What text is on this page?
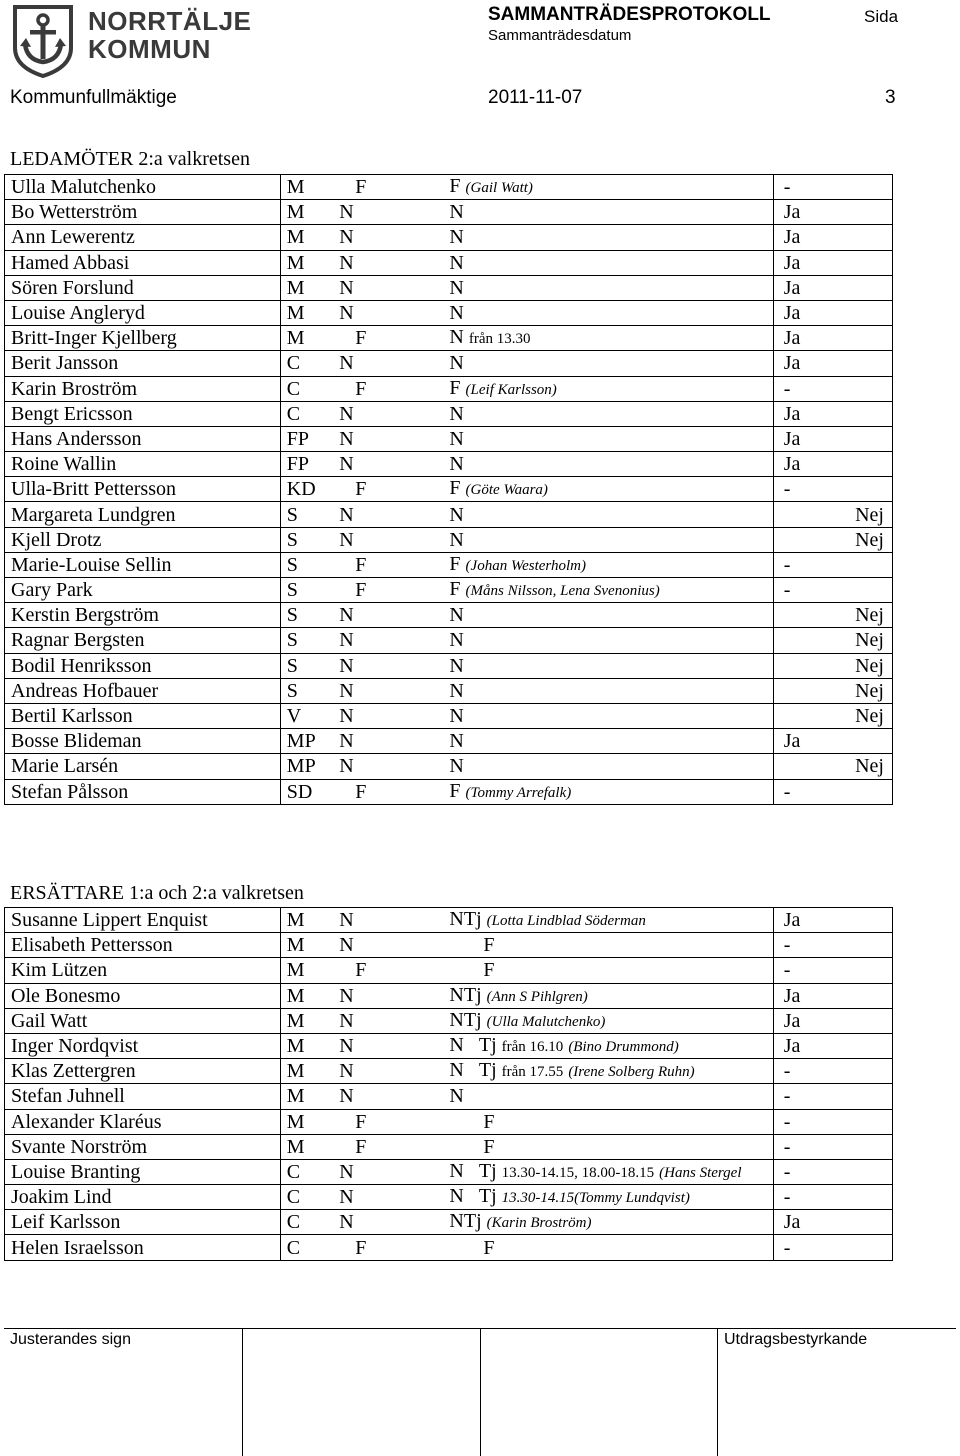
NORRTÄLJE
KOMMUN
SAMMANTRÄDESPROTOKOLL
Sammanträdesdatum
Sida
Kommunfullmäktige	2011-11-07	3
LEDAMÖTER 2:a valkretsen
Ulla Malutchenko	M	F	F (Gail Watt)	-
Bo Wetterström	M	N	N	Ja
Ann Lewerentz	M	N	N	Ja
Hamed Abbasi	M	N	N	Ja
Sören Forslund	M	N	N	Ja
Louise Angleryd	M	N	N	Ja
Britt-Inger Kjellberg	M	F	N från 13.30	Ja
Berit Jansson	C	N	N	Ja
Karin Broström	C	F	F (Leif Karlsson)	-
Bengt Ericsson	C	N	N	Ja
Hans Andersson	FP	N	N	Ja
Roine Wallin	FP	N	N	Ja
Ulla-Britt Pettersson	KD	F	F (Göte Waara)	-
Margareta Lundgren	S	N	N	Nej
Kjell Drotz	S	N	N	Nej
Marie-Louise Sellin	S	F	F (Johan Westerholm)	-
Gary Park	S	F	F (Måns Nilsson, Lena Svenonius)	-
Kerstin Bergström	S	N	N	Nej
Ragnar Bergsten	S	N	N	Nej
Bodil Henriksson	S	N	N	Nej
Andreas Hofbauer	S	N	N	Nej
Bertil Karlsson	V	N	N	Nej
Bosse Blideman	MP	N	N	Ja
Marie Larsén	MP	N	N	Nej
Stefan Pålsson	SD	F	F (Tommy Arrefalk)	-
ERSÄTTARE 1:a och 2:a valkretsen
Susanne Lippert Enquist	M	N	NTj (Lotta Lindblad Söderman	Ja
Elisabeth Pettersson	M	N	F	-
Kim Lützen	M	F	F	-
Ole Bonesmo	M	N	NTj (Ann S Pihlgren)	Ja
Gail Watt	M	N	NTj (Ulla Malutchenko)	Ja
Inger Nordqvist	M	N	N Tj från 16.10 (Bino Drummond)	Ja
Klas Zettergren	M	N	N Tj från 17.55 (Irene Solberg Ruhn)	-
Stefan Juhnell	M	N	N	-
Alexander Klaréus	M	F	F	-
Svante Norström	M	F	F	-
Louise Branting	C	N	N Tj 13.30-14.15, 18.00-18.15 (Hans Stergel	-
Joakim Lind	C	N	N Tj 13.30-14.15(Tommy Lundqvist)	-
Leif Karlsson	C	N	NTj (Karin Broström)	Ja
Helen Israelsson	C	F	F	-
Justerandes sign	Utdragsbestyrkande
